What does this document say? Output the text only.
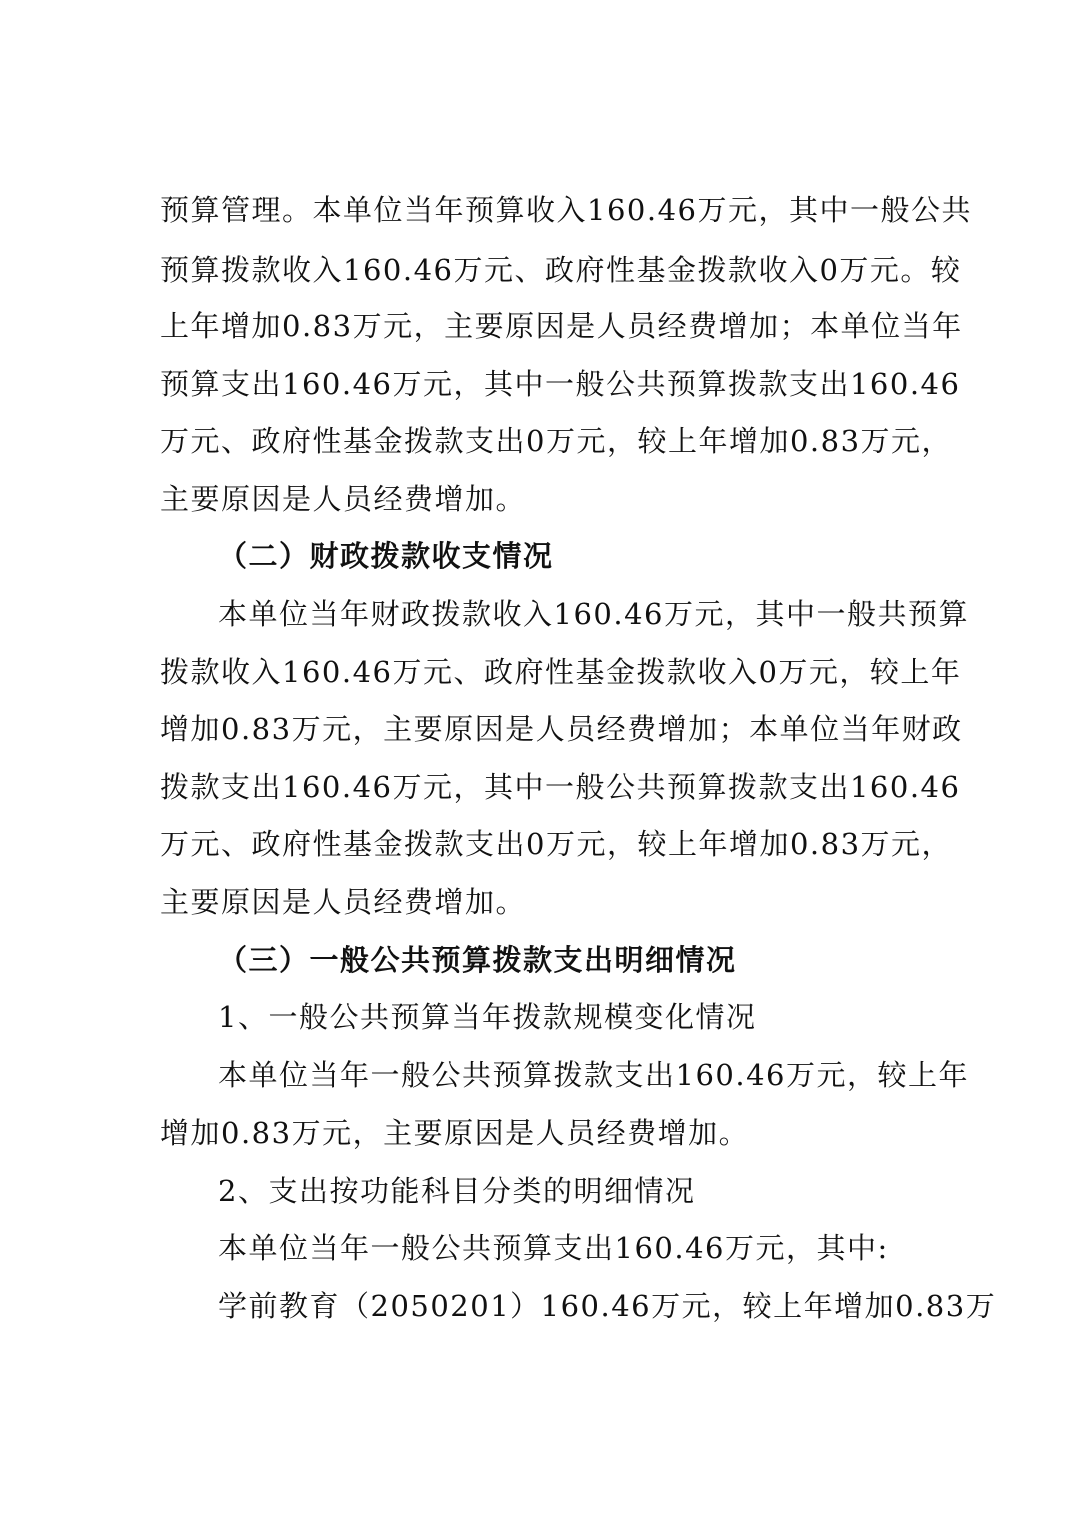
预算管理。本单位当年预算收入160.46万元，其中一般公共
预算拨款收入160.46万元、政府性基金拨款收入0万元。较
上年增加0.83万元，主要原因是人员经费增加；本单位当年
预算支出160.46万元，其中一般公共预算拨款支出160.46
万元、政府性基金拨款支出0万元，较上年增加0.83万元，
主要原因是人员经费增加。
（二）财政拨款收支情况
本单位当年财政拨款收入160.46万元，其中一般共预算
拨款收入160.46万元、政府性基金拨款收入0万元，较上年
增加0.83万元，主要原因是人员经费增加；本单位当年财政
拨款支出160.46万元，其中一般公共预算拨款支出160.46
万元、政府性基金拨款支出0万元，较上年增加0.83万元，
主要原因是人员经费增加。
（三）一般公共预算拨款支出明细情况
1、一般公共预算当年拨款规模变化情况
本单位当年一般公共预算拨款支出160.46万元，较上年
增加0.83万元，主要原因是人员经费增加。
2、支出按功能科目分类的明细情况
本单位当年一般公共预算支出160.46万元，其中:
学前教育（2050201）160.46万元，较上年增加0.83万
